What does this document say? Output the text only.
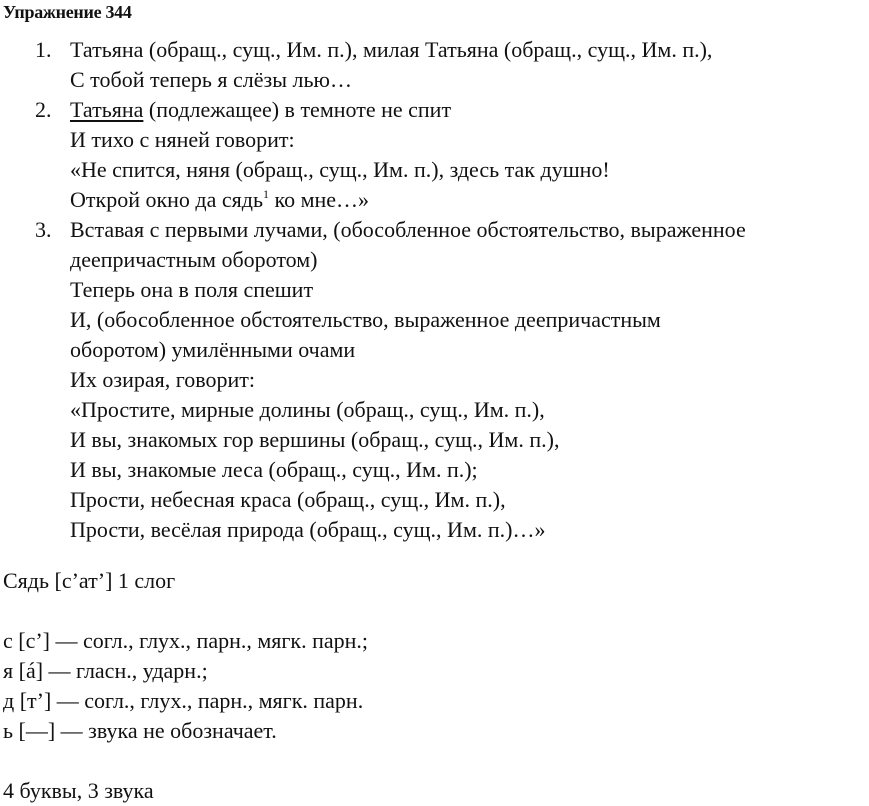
Упражнение 344
1. Татьяна (обращ., сущ., Им. п.), милая Татьяна (обращ., сущ., Им. п.),
С тобой теперь я слёзы лью…
2. Татьяна (подлежащее) в темноте не спит
И тихо с няней говорит:
«Не спится, няня (обращ., сущ., Им. п.), здесь так душно!
Открой окно да сядь$^1$ ко мне…»
3. Вставая с первыми лучами, (обособленное обстоятельство, выраженное
деепричастным оборотом)
Теперь она в поля спешит
И, (обособленное обстоятельство, выраженное деепричастным
оборотом) умилёнными очами
Их озирая, говорит:
«Простите, мирные долины (обращ., сущ., Им. п.),
И вы, знакомых гор вершины (обращ., сущ., Им. п.),
И вы, знакомые леса (обращ., сущ., Им. п.);
Прости, небесная краса (обращ., сущ., Им. п.),
Прости, весёлая природа (обращ., сущ., Им. п.)…»
Сядь [с’ат’] 1 слог
с [с’] — согл., глух., парн., мягк. парн.;
я [á] — гласн., ударн.;
д [т’] — согл., глух., парн., мягк. парн.
ь [—] — звука не обозначает.
4 буквы, 3 звука
